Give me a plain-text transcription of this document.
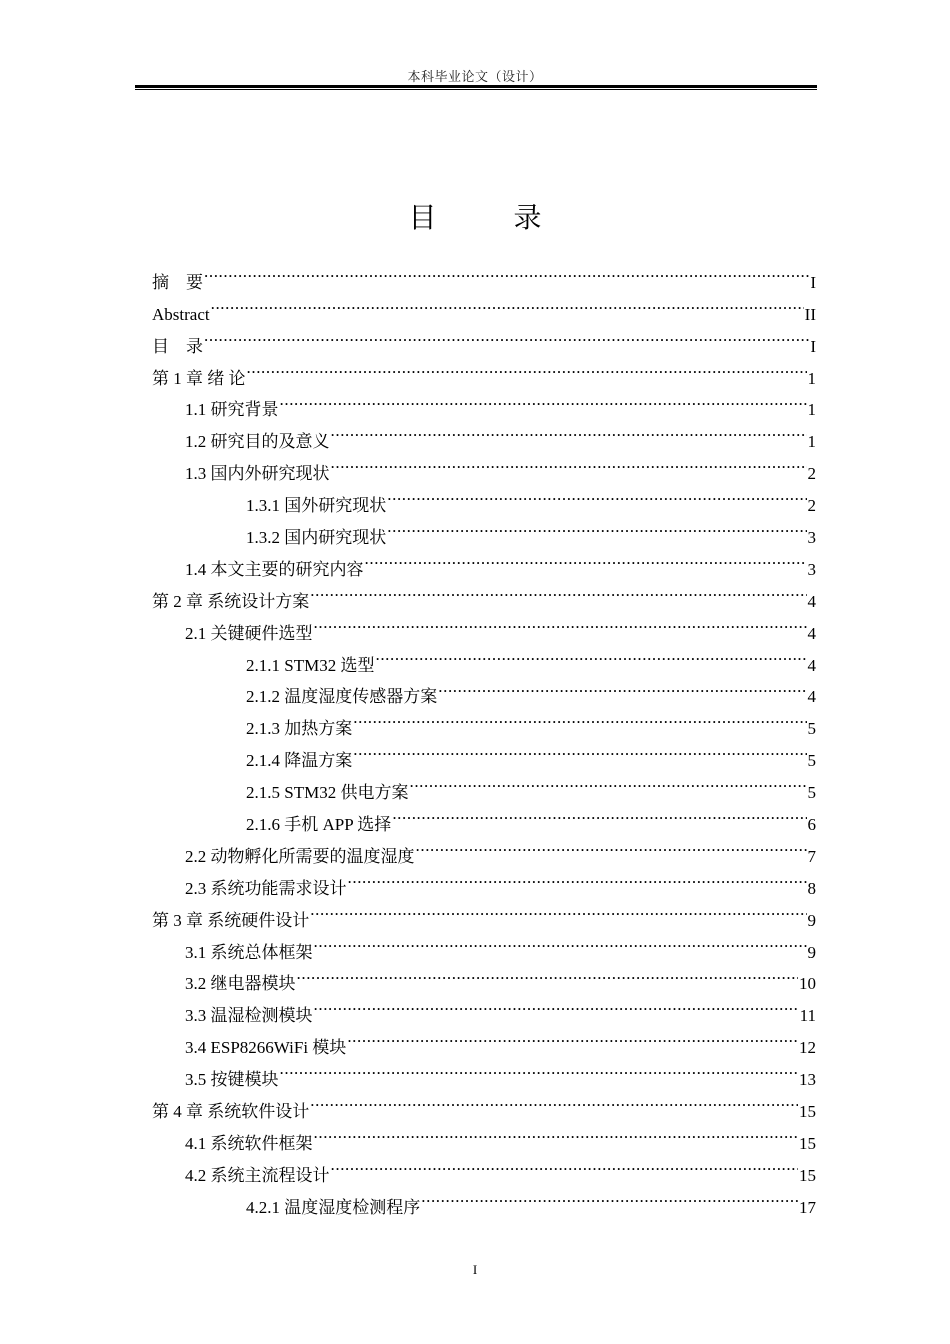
本科毕业论文（设计）
目 录
摘　要 .....	I
Abstract .....	II
目　录 .....	I
第 1 章 绪 论 .....	1
1.1 研究背景 .....	1
1.2 研究目的及意义 .....	1
1.3 国内外研究现状 .....	2
1.3.1 国外研究现状 .....	2
1.3.2 国内研究现状 .....	3
1.4 本文主要的研究内容 .....	3
第 2 章 系统设计方案 .....	4
2.1 关键硬件选型 .....	4
2.1.1 STM32 选型 .....	4
2.1.2 温度湿度传感器方案 .....	4
2.1.3 加热方案 .....	5
2.1.4 降温方案 .....	5
2.1.5 STM32 供电方案 .....	5
2.1.6 手机 APP 选择 .....	6
2.2 动物孵化所需要的温度湿度 .....	7
2.3 系统功能需求设计 .....	8
第 3 章 系统硬件设计 .....	9
3.1 系统总体框架 .....	9
3.2 继电器模块 .....	10
3.3 温湿检测模块 .....	11
3.4 ESP8266WiFi 模块 .....	12
3.5 按键模块 .....	13
第 4 章 系统软件设计 .....	15
4.1 系统软件框架 .....	15
4.2 系统主流程设计 .....	15
4.2.1 温度湿度检测程序 .....	17
I
